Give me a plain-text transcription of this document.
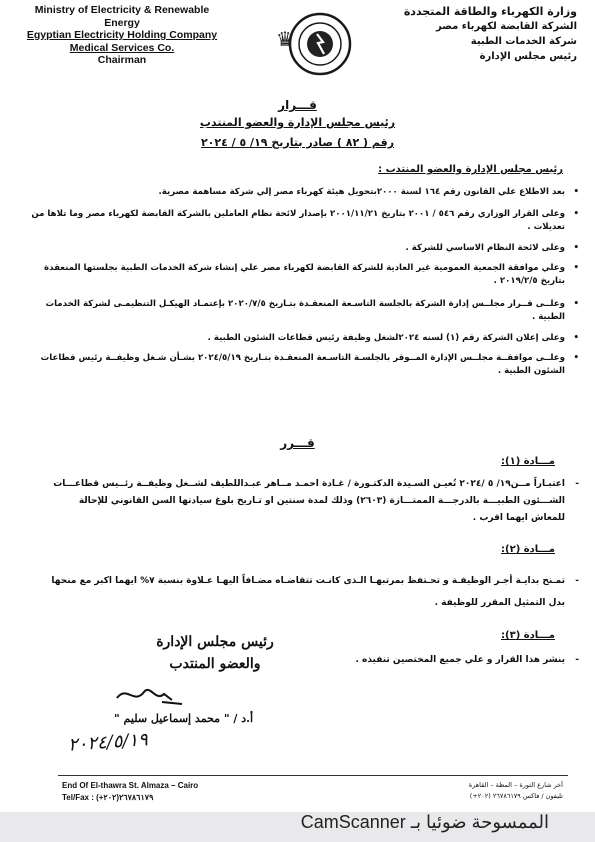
Ministry of Electricity & Renewable Energy
Egyptian Electricity Holding Company
Medical Services Co.
Chairman
♛
وزارة الكهرباء والطاقة المتجددة
الشركة القابضة لكهرباء مصر
شركة الخدمات الطبية
رئيس مجلس الإدارة
قـــرار
رئيس مجلس الإدارة والعضو المنتدب
رقم ( ٨٢ ) صادر بتاريخ ١٩/ ٥ / ٢٠٢٤
رئيس مجلس الإدارة والعضو المنتدب :
•
بعد الاطلاع علي القانون رقم ١٦٤ لسنة ٢٠٠٠بتحويل هيئة كهرباء مصر إلي شركة مساهمة مصرية.
•
وعلى القرار الوزاري رقم ٥٤٦ / ٢٠٠١ بتاريخ ٢٠٠١/١١/٢١ بإصدار لائحة نظام العاملين بالشركة القابضة لكهرباء مصر وما تلاها من تعديلات .
•
وعلى لائحة النظام الاساسي للشركة .
•
وعلي موافقة الجمعية العمومية غير العادية للشركة القابضة لكهرباء مصر علي إنشاء شركة الخدمات الطبية بجلستها المنعقدة بتاريخ ٢٠١٩/٢/٥ .
•
وعلــى قــرار مجلــس إدارة الشركة بالجلسة التاسـعة المنعقـدة بتـاريخ ٢٠٢٠/٧/٥ بإعتمـاد الهيكـل التنظيمـى لشركة الخدمات الطبية .
•
وعلى إعلان الشركة رقم (١) لسنه ٢٠٢٤لشغل وظيفة رئيس قطاعات الشئون الطبية .
•
وعلــى موافقــة مجلــس الإدارة المــوقر بالجلسـة التاسـعة المنعقـدة بتـاريخ ٢٠٢٤/٥/١٩ بشـأن شـغل وظيفــة رئيس قطاعات الشئون الطبية .
قـــرر
مـــادة (١):
-
اعتبـاراً مــن١٩/ ٥ /٢٠٢٤ تُعيـن السـيدة الدكتـورة / غـادة احمـد مــاهر عبـداللطيف لشــغل وظيفــة رئــيس قطاعـــات الشـــئون الطبيـــة بالدرجـــة الممتـــازة (٢٦٠٣) وذلك لمدة سنتين او تـاريخ بلوغ سيادتها السن القانوني للإحالة للمعاش ايهما اقرب .
مـــادة (٢):
-
تمـنح بدايـة أجـر الوظيفـة و تحـتفظ بمرتبهـا الـذى كانـت تتقاضـاه مضـافاً اليهـا عـلاوة بنسبة ٧% ايهما اكبر مع منحها بدل التمثيل المقرر للوظيفة .
مـــادة (٣):
-
ينشر هذا القرار و علي جميع المختصين تنفيذه .
رئيس مجلس الإدارة
والعضو المنتدب
أ.د / " محمد إسماعيل سليم "
٢٠٢٤/٥/١٩
End Of El-thawra St. Almaza – Cairo
Tel/Fax : (+٢٠٢)٢٦٧٨٦١٧٩
آخر شارع الثورة – المظة – القاهرة
تليفون / فاكس ٢٦٧٨٦١٧٩ (٢٠٢+)
الممسوحة ضوئيا بـ CamScanner
